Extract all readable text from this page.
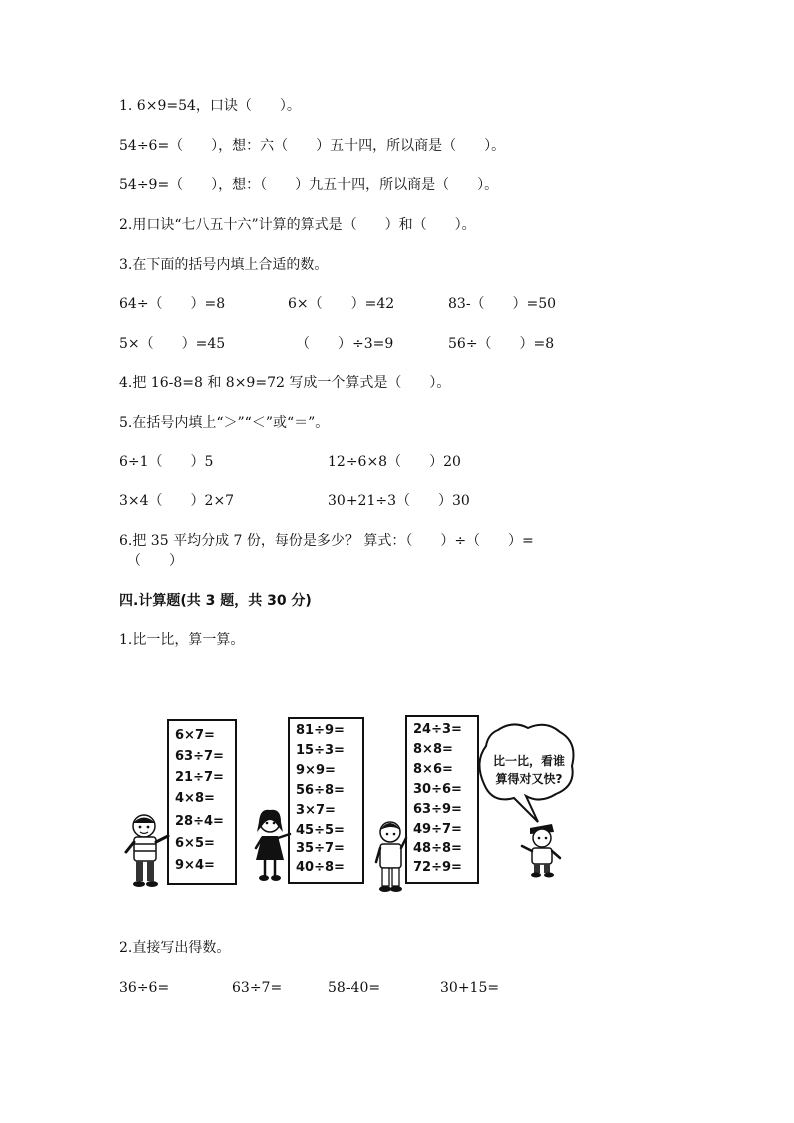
1. 6×9=54，口诀（　　）。
54÷6=（　　），想：六（　　）五十四，所以商是（　　）。
54÷9=（　　），想：（　　）九五十四，所以商是（　　）。
2.用口诀“七八五十六”计算的算式是（　　）和（　　）。
3.在下面的括号内填上合适的数。
64÷（　　）=8	6×（　　）=42	83-（　　）=50
5×（　　）=45	（　　）÷3=9	56÷（　　）=8
4.把 16-8=8 和 8×9=72 写成一个算式是（　　）。
5.在括号内填上“＞”“＜”或“＝”。
6÷1（　　）5	12÷6×8（　　）20
3×4（　　）2×7	30+21÷3（　　）30
6.把 35 平均分成 7 份，每份是多少？ 算式：（　　）÷（　　）=
（　　）
四.计算题(共 3 题，共 30 分)
1.比一比，算一算。
6×7=
63÷7=
21÷7=
4×8=
28÷4=
6×5=
9×4=
81÷9=
15÷3=
9×9=
56÷8=
3×7=
45÷5=
35÷7=
40÷8=
24÷3=
8×8=
8×6=
30÷6=
63÷9=
49÷7=
48÷8=
72÷9=
比一比，看谁
算得对又快?
2.直接写出得数。
36÷6=	63÷7=	58-40=	30+15=
